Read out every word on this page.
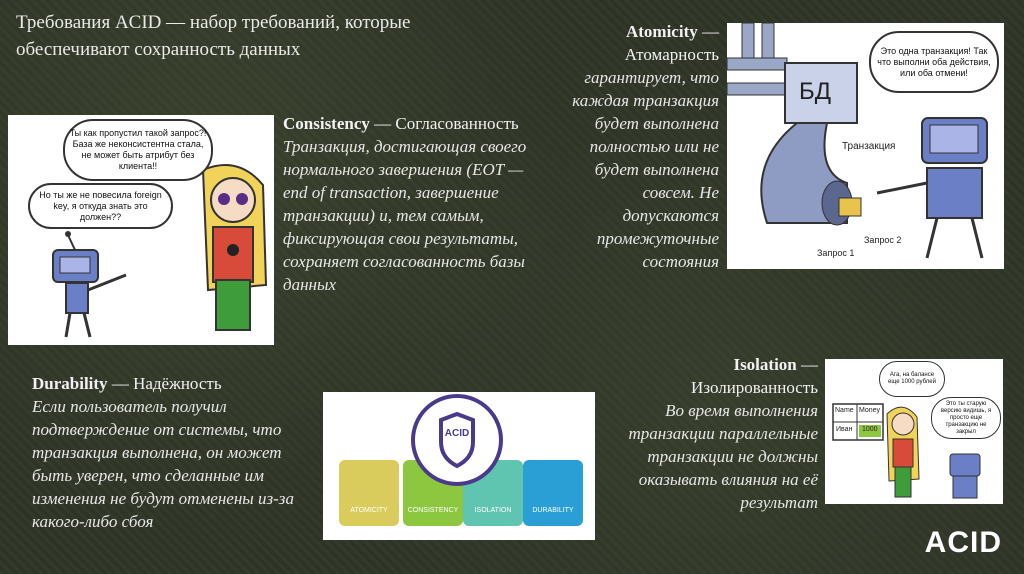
Требования ACID — набор требований, которые обеспечивают сохранность данных
Ты как пропустил такой запрос?! База же неконсистентна стала, не может быть атрибут без клиента!!
Но ты же не повесила foreign key, я откуда знать это должен??
Consistency — Согласованность
Транзакция, достигающая своего нормального завершения (EOT — end of transaction, завершение транзакции) и, тем самым, фиксирующая свои результаты, сохраняет согласованность базы данных
Atomicity — Атомарность
гарантирует, что каждая транзакция будет выполнена полностью или не будет выполнена совсем. Не допускаются промежуточные состояния
БД
Транзакция
Запрос 1
Запрос 2
Это одна транзакция! Так что выполни оба действия, или оба отмени!
Durability — Надёжность
Если пользователь получил подтверждение от системы, что транзакция выполнена, он может быть уверен, что сделанные им изменения не будут отменены из-за какого-либо сбоя
ATOMICITY	CONSISTENCY ISOLATION	DURABILITY
ACID
Isolation — Изолированность
Во время выполнения транзакции параллельные транзакции не должны оказывать влияния на её результат
Name Money
Иван 1000
Ага, на балансе еще 1000 рублей
Это ты старую версию видишь, я просто еще транзакцию не закрыл
ACID
